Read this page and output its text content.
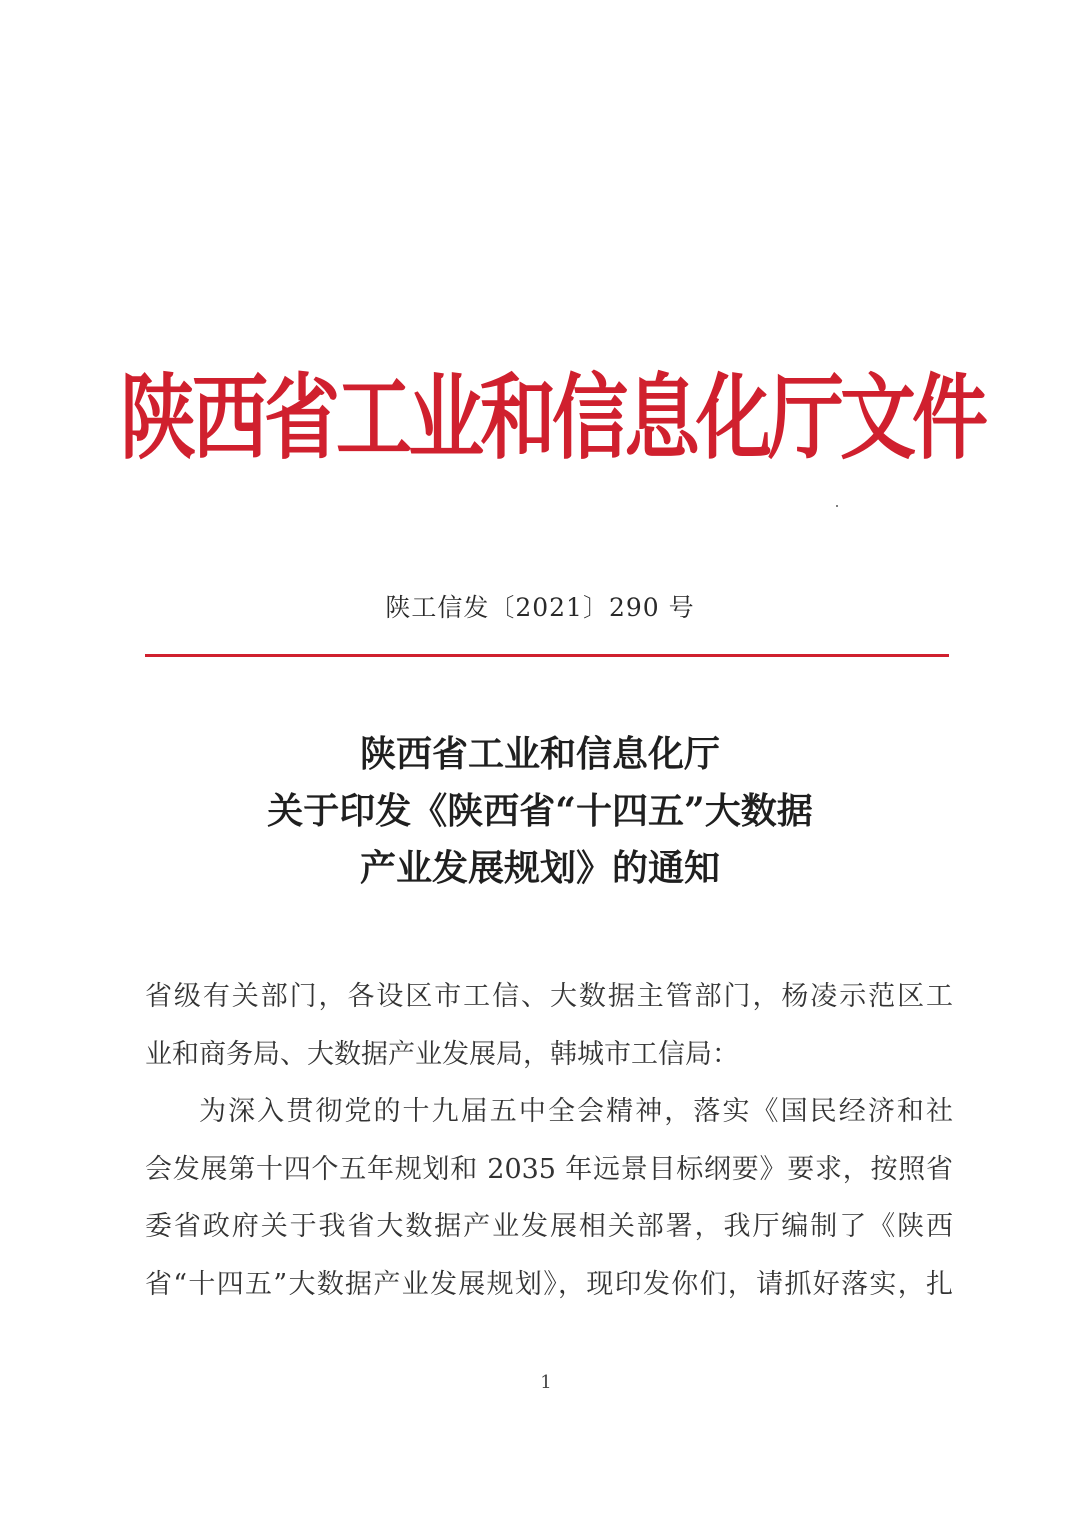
陕西省工业和信息化厅文件
陕工信发〔2021〕290 号
陕西省工业和信息化厅
关于印发《陕西省“十四五”大数据
产业发展规划》的通知
省级有关部门，各设区市工信、大数据主管部门，杨凌示范区工
业和商务局、大数据产业发展局，韩城市工信局：
为深入贯彻党的十九届五中全会精神，落实《国民经济和社
会发展第十四个五年规划和 2035 年远景目标纲要》要求，按照省
委省政府关于我省大数据产业发展相关部署，我厅编制了《陕西
省“十四五”大数据产业发展规划》，现印发你们，请抓好落实，扎
1
